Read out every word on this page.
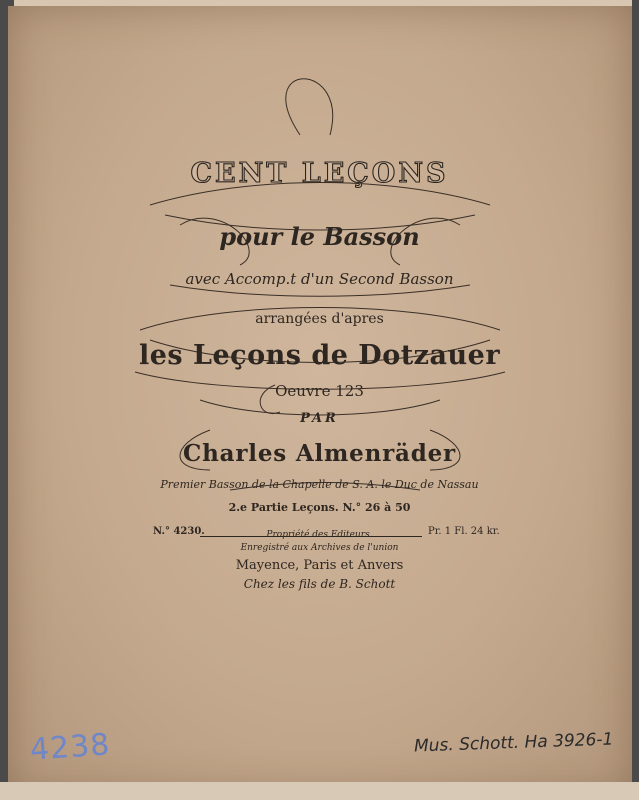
CENT LEÇONS
pour le Basson
avec Accomp.t d'un Second Basson
arrangées d'apres
les Leçons de Dotzauer
Oeuvre 123
PAR
Charles Almenräder
Premier Basson de la Chapelle de S. A. le Duc de Nassau
2.e Partie Leçons. N.° 26 à 50
N.° 4230.	Propriété des Editeurs.	Pr. 1 Fl. 24 kr.
Enregistré aux Archives de l'union
Mayence, Paris et Anvers
Chez les fils de B. Schott
4238	Mus. Schott. Ha 3926-1
